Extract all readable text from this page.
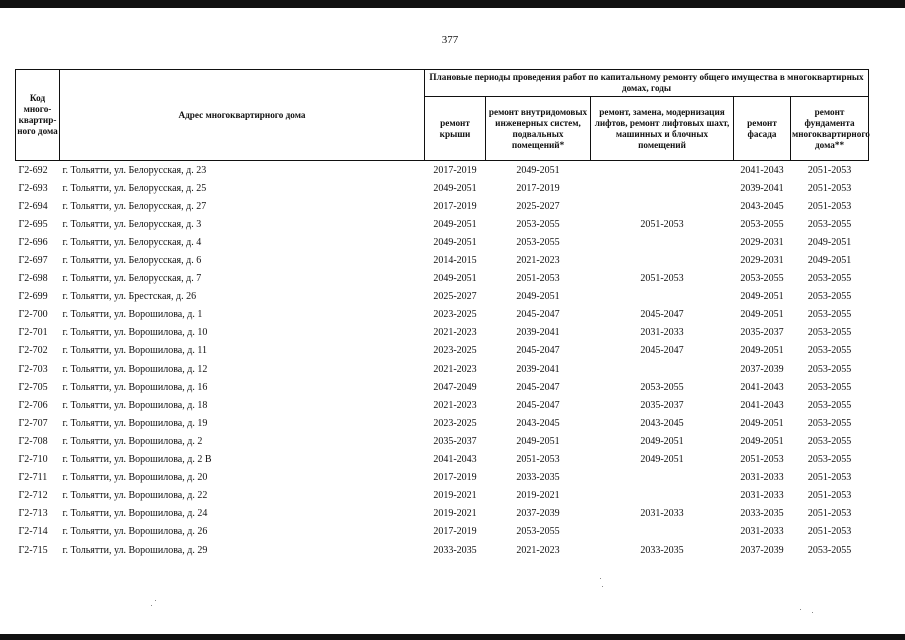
377
Код много-квартир-ного дома	Адрес многоквартирного дома	Плановые периоды проведения работ по капитальному ремонту общего имущества в многоквартирных домах, годы				
		ремонт крыши	ремонт внутридомовых инженерных систем, подвальных помещений*	ремонт, замена, модернизация лифтов, ремонт лифтовых шахт, машинных и блочных помещений	ремонт фасада	ремонт фундамента многоквартирного дома**
Г2-692	г. Тольятти, ул. Белорусская, д. 23	2017-2019	2049-2051		2041-2043	2051-2053
Г2-693	г. Тольятти, ул. Белорусская, д. 25	2049-2051	2017-2019		2039-2041	2051-2053
Г2-694	г. Тольятти, ул. Белорусская, д. 27	2017-2019	2025-2027		2043-2045	2051-2053
Г2-695	г. Тольятти, ул. Белорусская, д. 3	2049-2051	2053-2055	2051-2053	2053-2055	2053-2055
Г2-696	г. Тольятти, ул. Белорусская, д. 4	2049-2051	2053-2055		2029-2031	2049-2051
Г2-697	г. Тольятти, ул. Белорусская, д. 6	2014-2015	2021-2023		2029-2031	2049-2051
Г2-698	г. Тольятти, ул. Белорусская, д. 7	2049-2051	2051-2053	2051-2053	2053-2055	2053-2055
Г2-699	г. Тольятти, ул. Брестская, д. 26	2025-2027	2049-2051		2049-2051	2053-2055
Г2-700	г. Тольятти, ул. Ворошилова, д. 1	2023-2025	2045-2047	2045-2047	2049-2051	2053-2055
Г2-701	г. Тольятти, ул. Ворошилова, д. 10	2021-2023	2039-2041	2031-2033	2035-2037	2053-2055
Г2-702	г. Тольятти, ул. Ворошилова, д. 11	2023-2025	2045-2047	2045-2047	2049-2051	2053-2055
Г2-703	г. Тольятти, ул. Ворошилова, д. 12	2021-2023	2039-2041		2037-2039	2053-2055
Г2-705	г. Тольятти, ул. Ворошилова, д. 16	2047-2049	2045-2047	2053-2055	2041-2043	2053-2055
Г2-706	г. Тольятти, ул. Ворошилова, д. 18	2021-2023	2045-2047	2035-2037	2041-2043	2053-2055
Г2-707	г. Тольятти, ул. Ворошилова, д. 19	2023-2025	2043-2045	2043-2045	2049-2051	2053-2055
Г2-708	г. Тольятти, ул. Ворошилова, д. 2	2035-2037	2049-2051	2049-2051	2049-2051	2053-2055
Г2-710	г. Тольятти, ул. Ворошилова, д. 2 В	2041-2043	2051-2053	2049-2051	2051-2053	2053-2055
Г2-711	г. Тольятти, ул. Ворошилова, д. 20	2017-2019	2033-2035		2031-2033	2051-2053
Г2-712	г. Тольятти, ул. Ворошилова, д. 22	2019-2021	2019-2021		2031-2033	2051-2053
Г2-713	г. Тольятти, ул. Ворошилова, д. 24	2019-2021	2037-2039	2031-2033	2033-2035	2051-2053
Г2-714	г. Тольятти, ул. Ворошилова, д. 26	2017-2019	2053-2055		2031-2033	2051-2053
Г2-715	г. Тольятти, ул. Ворошилова, д. 29	2033-2035	2021-2023	2033-2035	2037-2039	2053-2055
